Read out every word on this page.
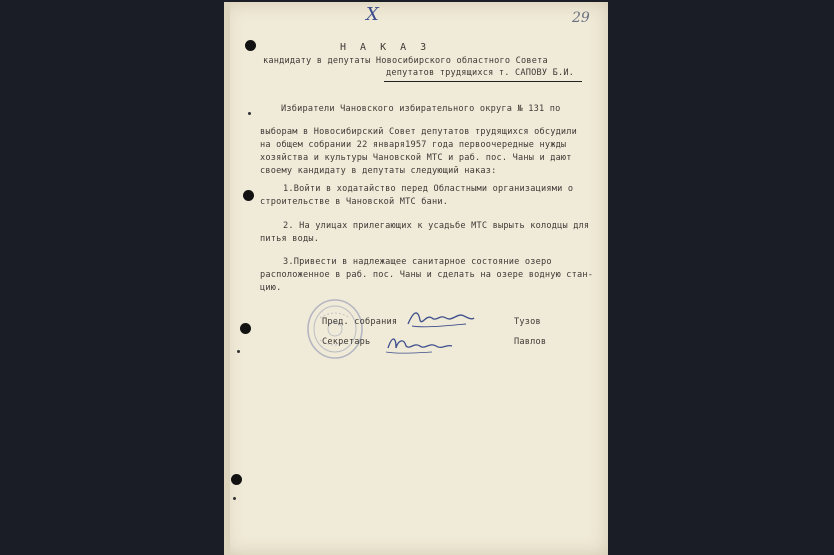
Х	29
Н А К А З
кандидату в депутаты Новосибирского областного Совета
депутатов трудящихся т. САПОВУ Б.И.
Избиратели Чановского избирательного округа № 131 по
выборам в Новосибирский Совет депутатов трудящихся обсудили
на общем собрании 22 января1957 года первоочередные нужды
хозяйства и культуры Чановской МТС и раб. пос. Чаны и дают
своему кандидату в депутаты следующий наказ:
1.Войти в ходатайство перед Областными организациями о
строительстве в Чановской МТС бани.
2. На улицах прилегающих к усадьбе МТС вырыть колодцы для
питья воды.
3.Привести в надлежащее санитарное состояние озеро
расположенное в раб. пос. Чаны и сделать на озере водную стан-
цию.
Пред. собрания	Тузов
Секретарь	Павлов
